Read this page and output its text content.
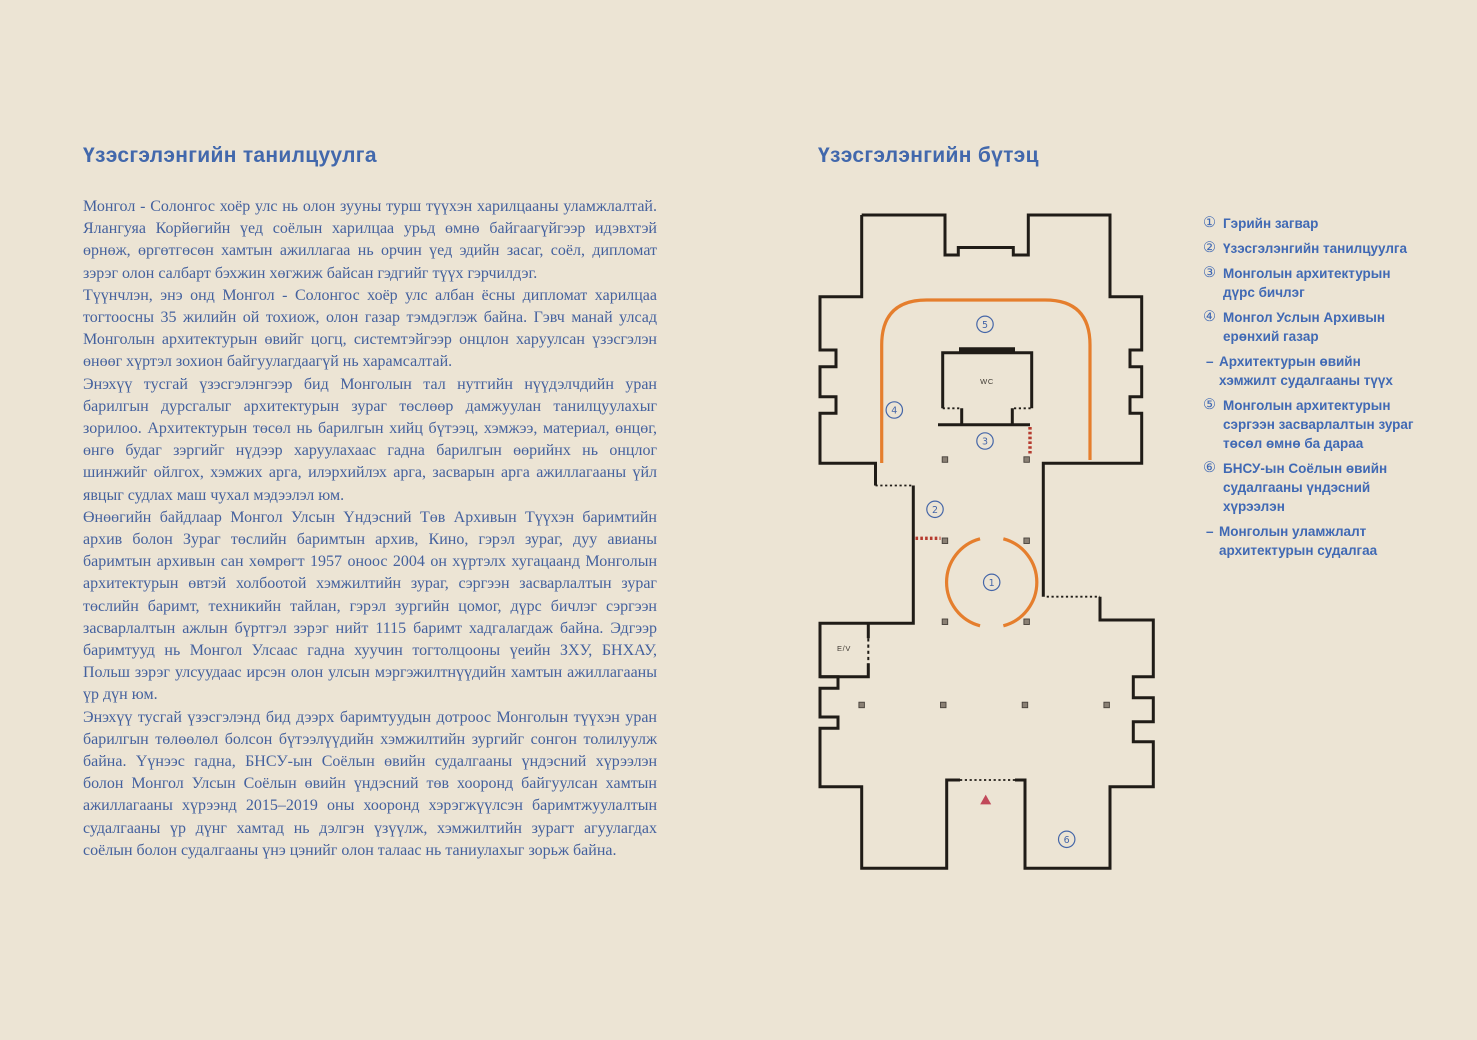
Үзэсгэлэнгийн танилцуулга

Монгол - Солонгос хоёр улс нь олон зууны турш түүхэн харилцааны уламжлалтай. Ялангуяа Корйөгийн үед соёлын харилцаа урьд өмнө байгаагүйгээр идэвхтэй өрнөж, өргөтгөсөн хамтын ажиллагаа нь орчин үед эдийн засаг, соёл, дипломат зэрэг олон салбарт бэхжин хөгжиж байсан гэдгийг түүх гэрчилдэг.

Түүнчлэн, энэ онд Монгол - Солонгос хоёр улс албан ёсны дипломат харилцаа тогтоосны 35 жилийн ой тохиож, олон газар тэмдэглэж байна. Гэвч манай улсад Монголын архитектурын өвийг цогц, системтэйгээр онцлон харуулсан үзэсгэлэн өнөөг хүртэл зохион байгуулагдаагүй нь харамсалтай.

Энэхүү тусгай үзэсгэлэнгээр бид Монголын тал нутгийн нүүдэлчдийн уран барилгын дурсгалыг архитектурын зураг төслөөр дамжуулан танилцуулахыг зорилоо. Архитектурын төсөл нь барилгын хийц бүтээц, хэмжээ, материал, өнцөг, өнгө будаг зэргийг нүдээр харуулахаас гадна барилгын өөрийнх нь онцлог шинжийг ойлгох, хэмжих арга, илэрхийлэх арга, засварын арга ажиллагааны үйл явцыг судлах маш чухал мэдээлэл юм.

Өнөөгийн байдлаар Монгол Улсын Үндэсний Төв Архивын Түүхэн баримтийн архив болон Зураг төслийн баримтын архив, Кино, гэрэл зураг, дуу авианы баримтын архивын сан хөмрөгт 1957 оноос 2004 он хүртэлх хугацаанд Монголын архитектурын өвтэй холбоотой хэмжилтийн зураг, сэргээн засварлалтын зураг төслийн баримт, техникийн тайлан, гэрэл зургийн цомог, дүрс бичлэг сэргээн засварлалтын ажлын бүртгэл зэрэг нийт 1115 баримт хадгалагдаж байна. Эдгээр баримтууд нь Монгол Улсаас гадна хуучин тогтолцооны үеийн ЗХУ, БНХАУ, Польш зэрэг улсуудаас ирсэн олон улсын мэргэжилтнүүдийн хамтын ажиллагааны үр дүн юм.

Энэхүү тусгай үзэсгэлэнд бид дээрх баримтуудын дотроос Монголын түүхэн уран барилгын төлөөлөл болсон бүтээлүүдийн хэмжилтийн зургийг сонгон толилуулж байна. Үүнээс гадна, БНСУ-ын Соёлын өвийн судалгааны үндэсний хүрээлэн болон Монгол Улсын Соёлын өвийн үндэсний төв хооронд байгуулсан хамтын ажиллагааны хүрээнд 2015–2019 оны хооронд хэрэгжүүлсэн баримтжуулалтын судалгааны үр дүнг хамтад нь дэлгэн үзүүлж, хэмжилтийн зурагт агуулагдах соёлын болон судалгааны үнэ цэнийг олон талаас нь таниулахыг зорьж байна.

Үзэсгэлэнгийн бүтэц
WC
E/V
1
2
3
4
5
6
① Гэрийн загвар
② Үзэсгэлэнгийн танилцуулга
③ Монголын архитектурын дүрс бичлэг
④ Монгол Услын Архивын ерөнхий газар
– Архитектурын өвийн хэмжилт судалгааны түүх
⑤ Монголын архитектурын сэргээн засварлалтын зураг төсөл өмнө ба дараа
⑥ БНСУ-ын Соёлын өвийн судалгааны үндэсний хүрээлэн
– Монголын уламжлалт архитектурын судалгаа
